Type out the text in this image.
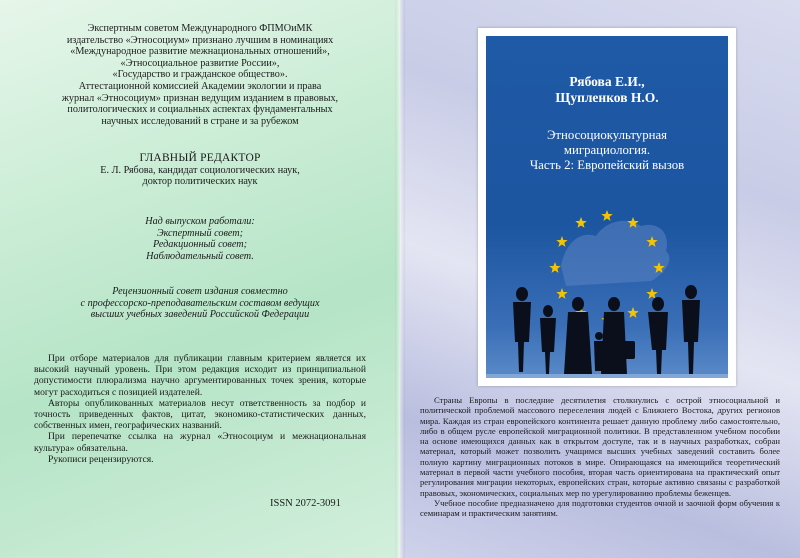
Экспертным советом Международного ФПМОиМК
издательство «Этносоциум» признано лучшим в номинациях
«Международное развитие межнациональных отношений»,
«Этносоциальное развитие России»,
«Государство и гражданское общество».
Аттестационной комиссией Академии экологии и права
журнал «Этносоциум» признан ведущим изданием в правовых,
политологических и социальных аспектах фундаментальных
научных исследований в стране и за рубежом
ГЛАВНЫЙ РЕДАКТОР
Е. Л. Рябова, кандидат социологических наук,
доктор политических наук
Над выпуском работали:
Экспертный совет;
Редакционный совет;
Наблюдательный совет.
Рецензионный совет издания совместно
с профессорско-преподавательским составом ведущих
высших учебных заведений Российской Федерации

При отборе материалов для публикации главным критерием является их высокий научный уровень. При этом редакция исходит из принципиальной допустимости плюрализма научно аргументированных точек зрения, которые могут расходиться с позицией издателей.

Авторы опубликованных материалов несут ответственность за подбор и точность приведенных фактов, цитат, экономико-статистических данных, собственных имен, географических названий.

При перепечатке ссылка на журнал «Этносоциум и межнациональная культура» обязательна.

Рукописи рецензируются.

ISSN 2072-3091
Рябова Е.И.,
Щупленков Н.О.
Этносоциокультурная
миграциология.
Часть 2: Европейский вызов

Страны Европы в последние десятилетия столкнулись с острой этносоциальной и политической проблемой массового переселения людей с Ближнего Востока, других регионов мира. Каждая из стран европейского континента решает данную проблему либо самостоятельно, либо в общем русле европейской миграционной политики. В представленном учебном пособии на основе имеющихся данных как в открытом доступе, так и в научных разработках, собран материал, который может позволить учащимся высших учебных заведений составить более полную картину миграционных потоков в мире. Опирающаяся на имеющийся теоретический материал в первой части учебного пособия, вторая часть ориентирована на практический опыт регулирования миграции некоторых, европейских стран, которые активно связаны с разработкой правовых, экономических, социальных мер по урегулированию проблемы беженцев.

Учебное пособие предназначено для подготовки студентов очной и заочной форм обучения к семинарам и практическим занятиям.
